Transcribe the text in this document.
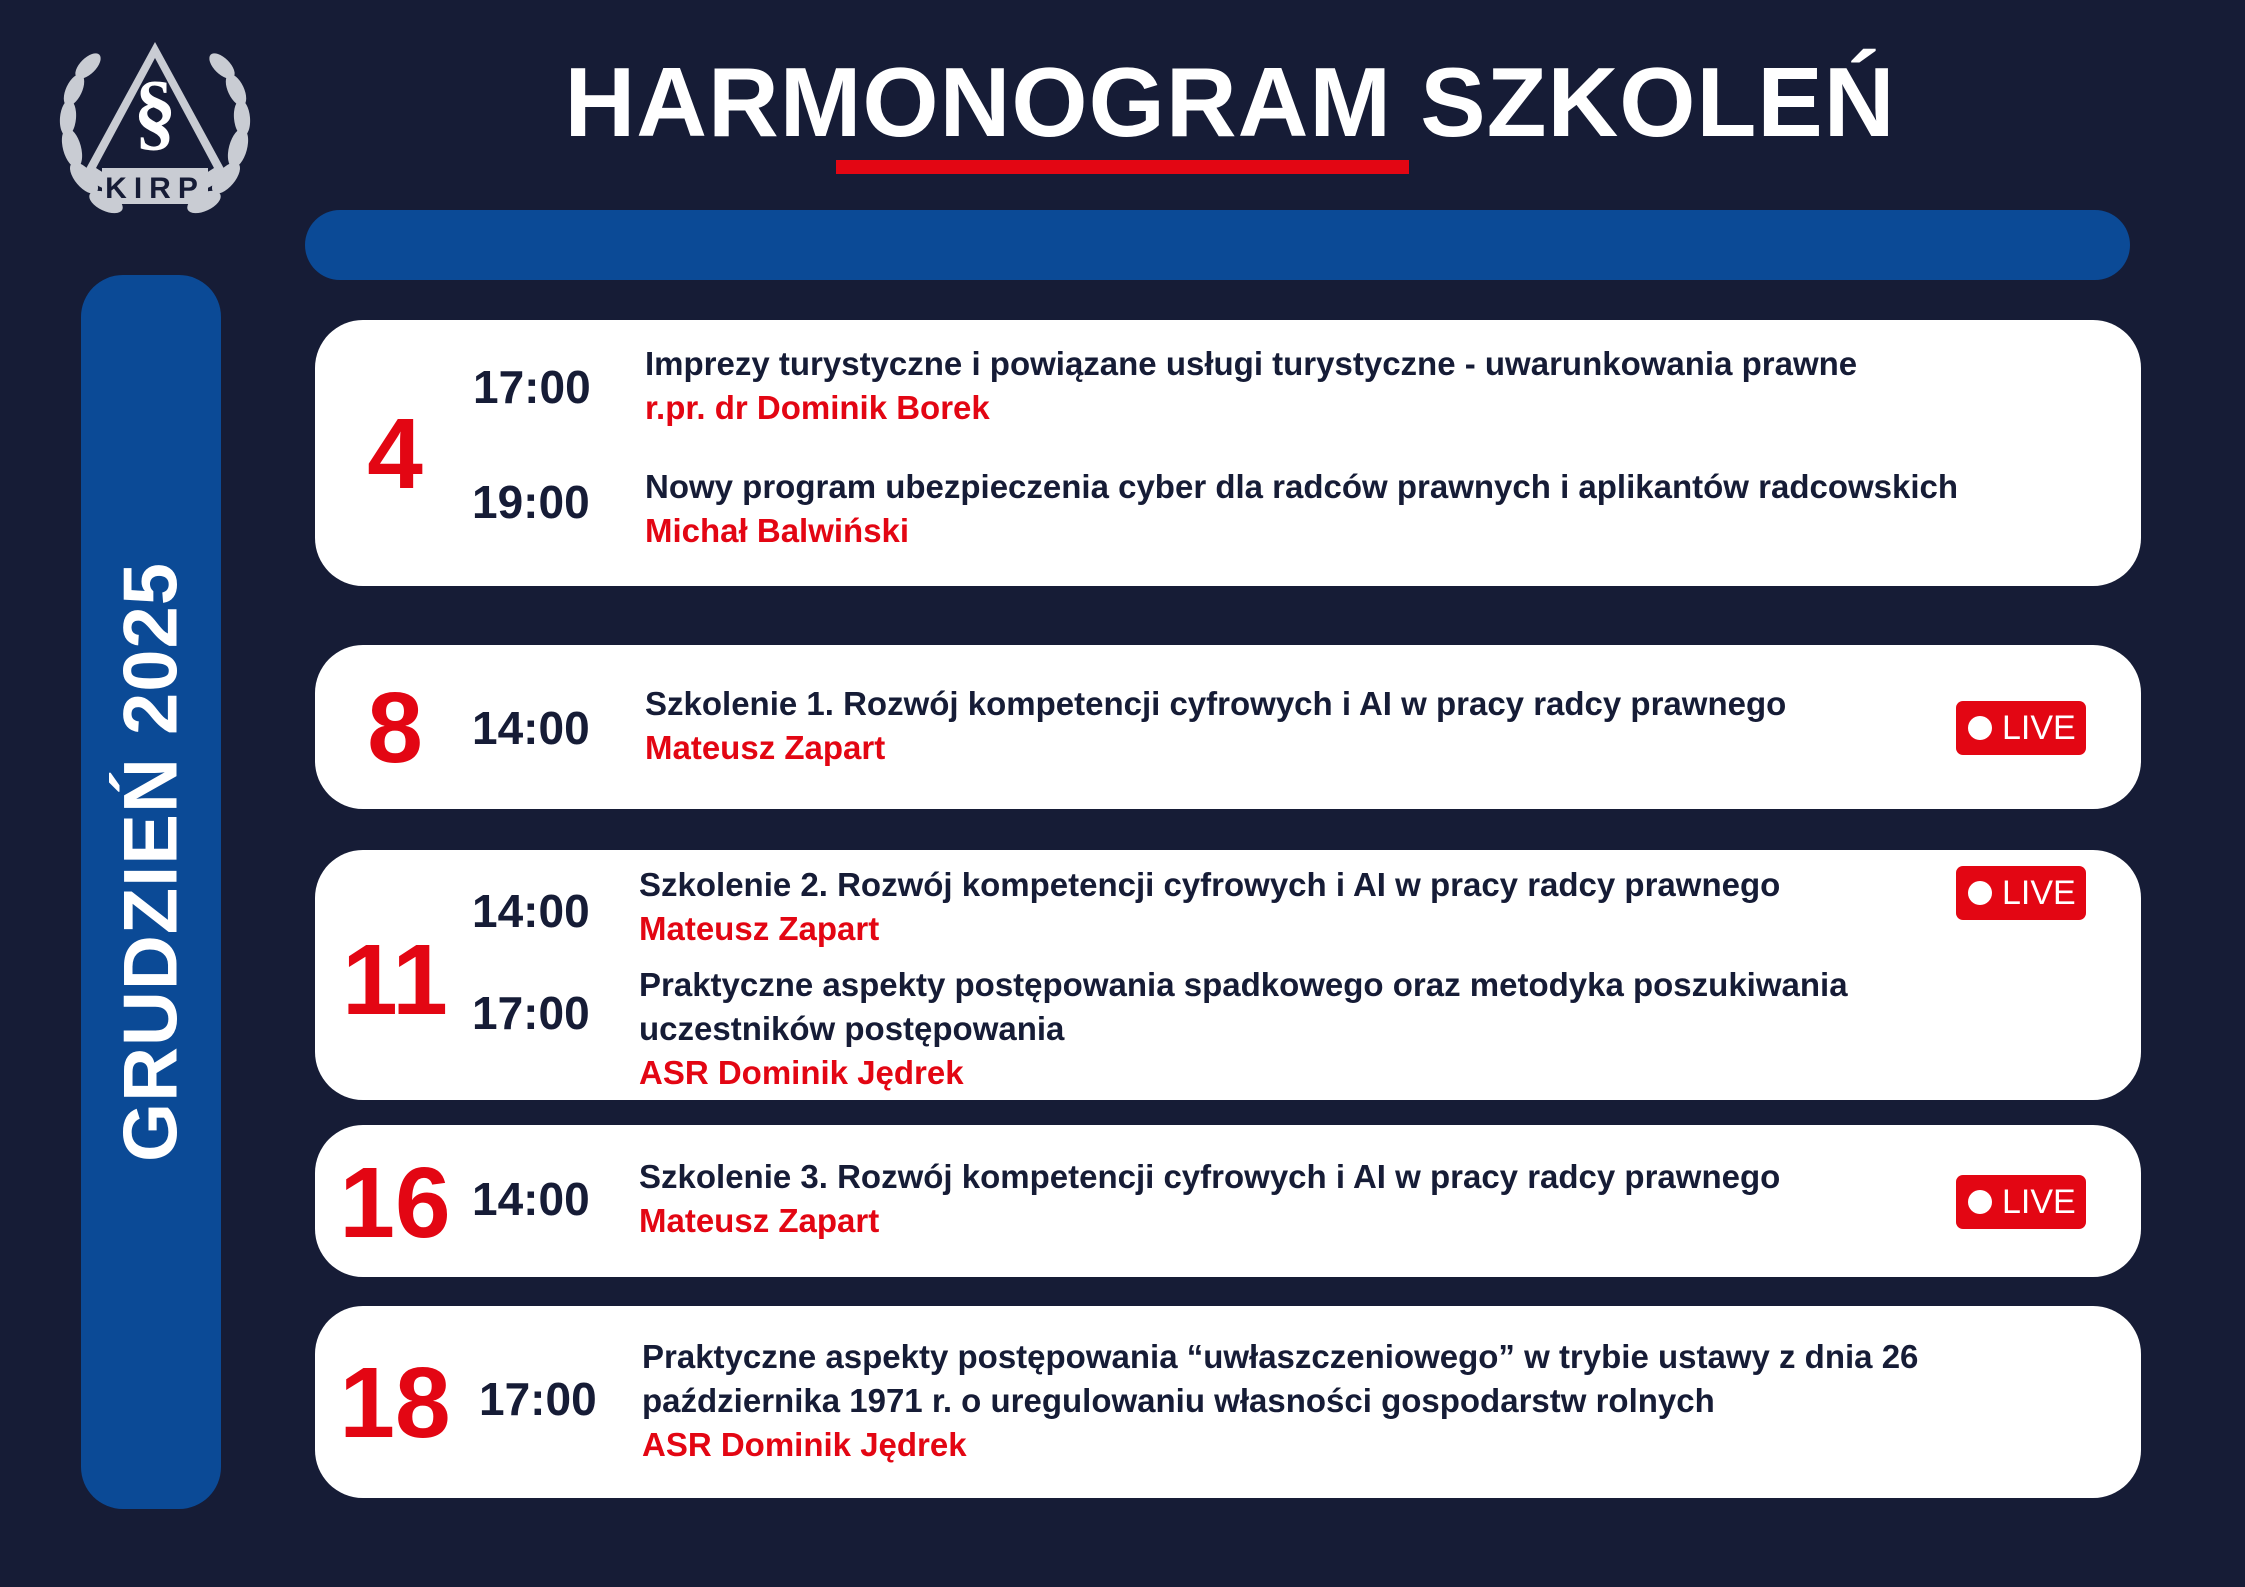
§
KIRP
HARMONOGRAM SZKOLEŃ
GRUDZIEŃ 2025
4
17:00 Imprezy turystyczne i powiązane usługi turystyczne - uwarunkowania prawne
r.pr. dr Dominik Borek
19:00 Nowy program ubezpieczenia cyber dla radców prawnych i aplikantów radcowskich
Michał Balwiński
8	14:00 Szkolenie 1. Rozwój kompetencji cyfrowych i AI w pracy radcy prawnego
Mateusz Zapart
LIVE
11
14:00
Szkolenie 2. Rozwój kompetencji cyfrowych i AI w pracy radcy prawnego
Mateusz Zapart
LIVE
17:00
Praktyczne aspekty postępowania spadkowego oraz metodyka poszukiwania
uczestników postępowania
ASR Dominik Jędrek
16 14:00 Szkolenie 3. Rozwój kompetencji cyfrowych i AI w pracy radcy prawnego
Mateusz Zapart	LIVE
18 17:00
Praktyczne aspekty postępowania “uwłaszczeniowego” w trybie ustawy z dnia 26
października 1971 r. o uregulowaniu własności gospodarstw rolnych
ASR Dominik Jędrek
